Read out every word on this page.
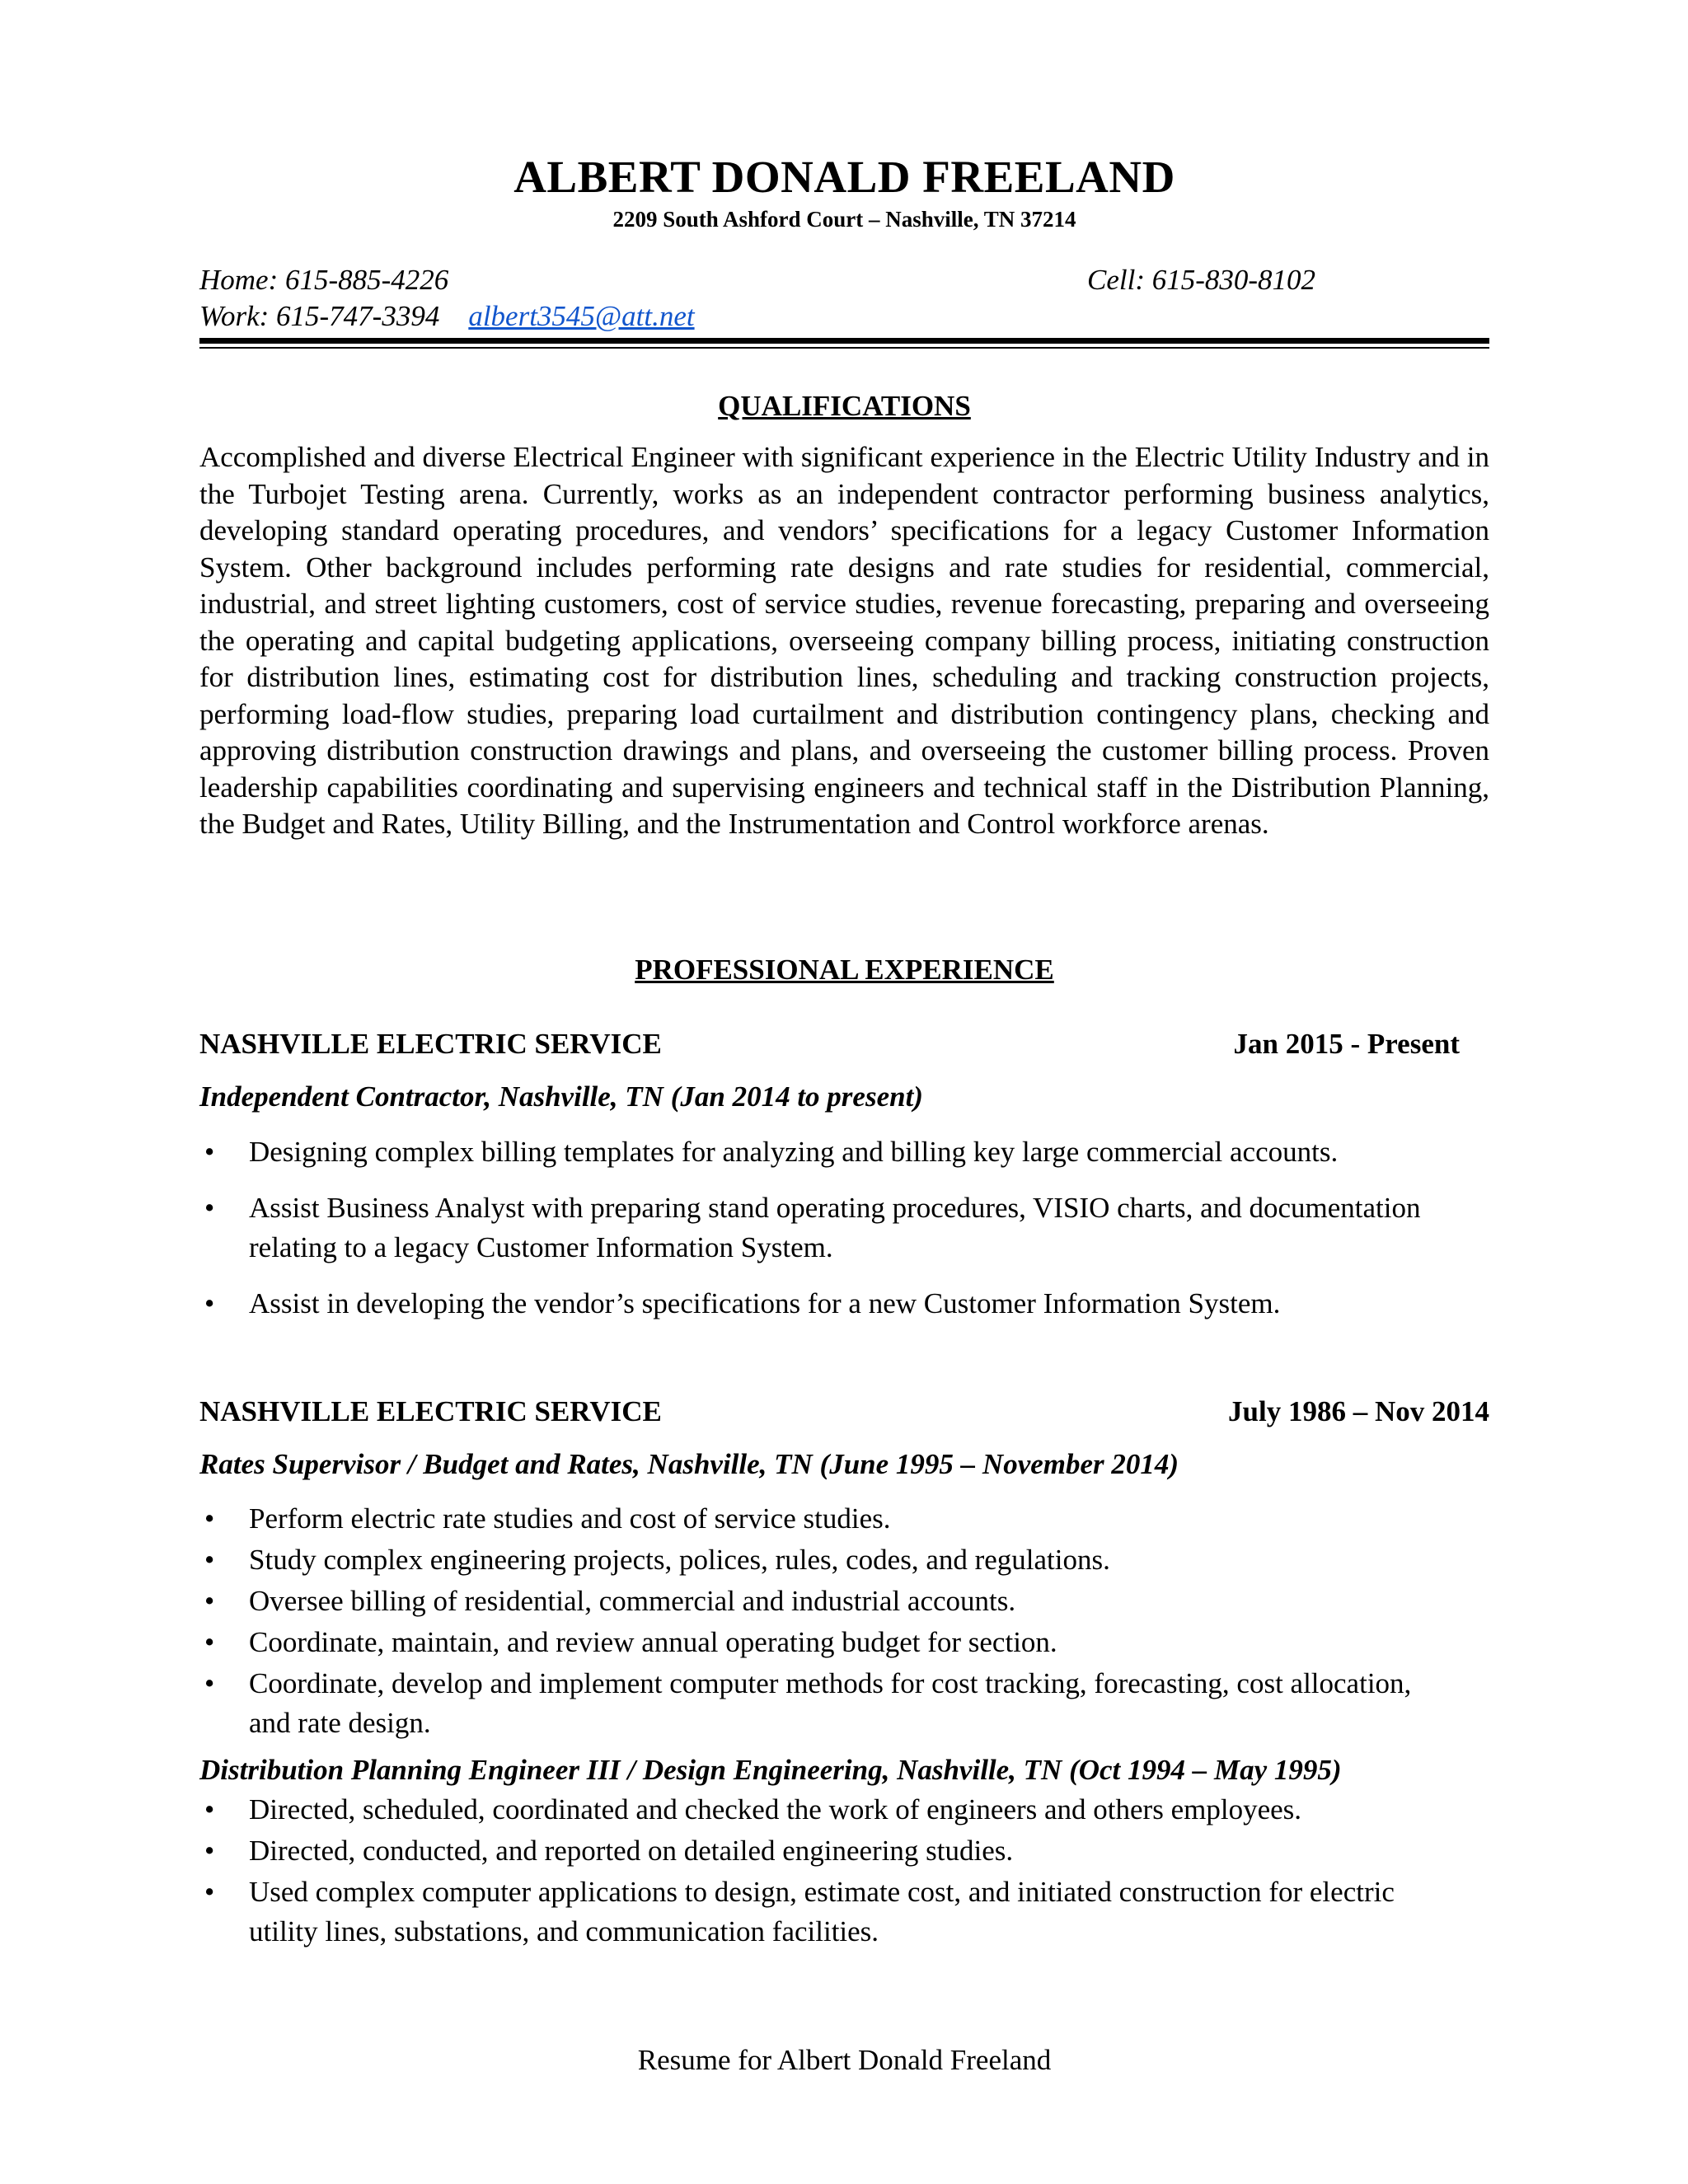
ALBERT DONALD FREELAND
2209 South Ashford Court – Nashville, TN 37214
Home: 615-885-4226	Cell: 615-830-8102
Work: 615-747-3394 albert3545@att.net
QUALIFICATIONS

Accomplished and diverse Electrical Engineer with significant experience in the Electric Utility Industry and in the Turbojet Testing arena. Currently, works as an independent contractor performing business analytics, developing standard operating procedures, and vendors’ specifications for a legacy Customer Information System. Other background includes performing rate designs and rate studies for residential, commercial, industrial, and street lighting customers, cost of service studies, revenue forecasting, preparing and overseeing the operating and capital budgeting applications, overseeing company billing process, initiating construction for distribution lines, estimating cost for distribution lines, scheduling and tracking construction projects, performing load-flow studies, preparing load curtailment and distribution contingency plans, checking and approving distribution construction drawings and plans, and overseeing the customer billing process. Proven leadership capabilities coordinating and supervising engineers and technical staff in the Distribution Planning, the Budget and Rates, Utility Billing, and the Instrumentation and Control workforce arenas.

PROFESSIONAL EXPERIENCE
NASHVILLE ELECTRIC SERVICE	Jan 2015 - Present
Independent Contractor, Nashville, TN (Jan 2014 to present)
• Designing complex billing templates for analyzing and billing key large commercial accounts.
• Assist Business Analyst with preparing stand operating procedures, VISIO charts, and documentation relating to a legacy Customer Information System.
• Assist in developing the vendor’s specifications for a new Customer Information System.
NASHVILLE ELECTRIC SERVICE	July 1986 – Nov 2014
Rates Supervisor / Budget and Rates, Nashville, TN (June 1995 – November 2014)
• Perform electric rate studies and cost of service studies.
• Study complex engineering projects, polices, rules, codes, and regulations.
• Oversee billing of residential, commercial and industrial accounts.
• Coordinate, maintain, and review annual operating budget for section.
• Coordinate, develop and implement computer methods for cost tracking, forecasting, cost allocation, and rate design.
Distribution Planning Engineer III / Design Engineering, Nashville, TN (Oct 1994 – May 1995)
• Directed, scheduled, coordinated and checked the work of engineers and others employees.
• Directed, conducted, and reported on detailed engineering studies.
• Used complex computer applications to design, estimate cost, and initiated construction for electric utility lines, substations, and communication facilities.
Resume for Albert Donald Freeland
